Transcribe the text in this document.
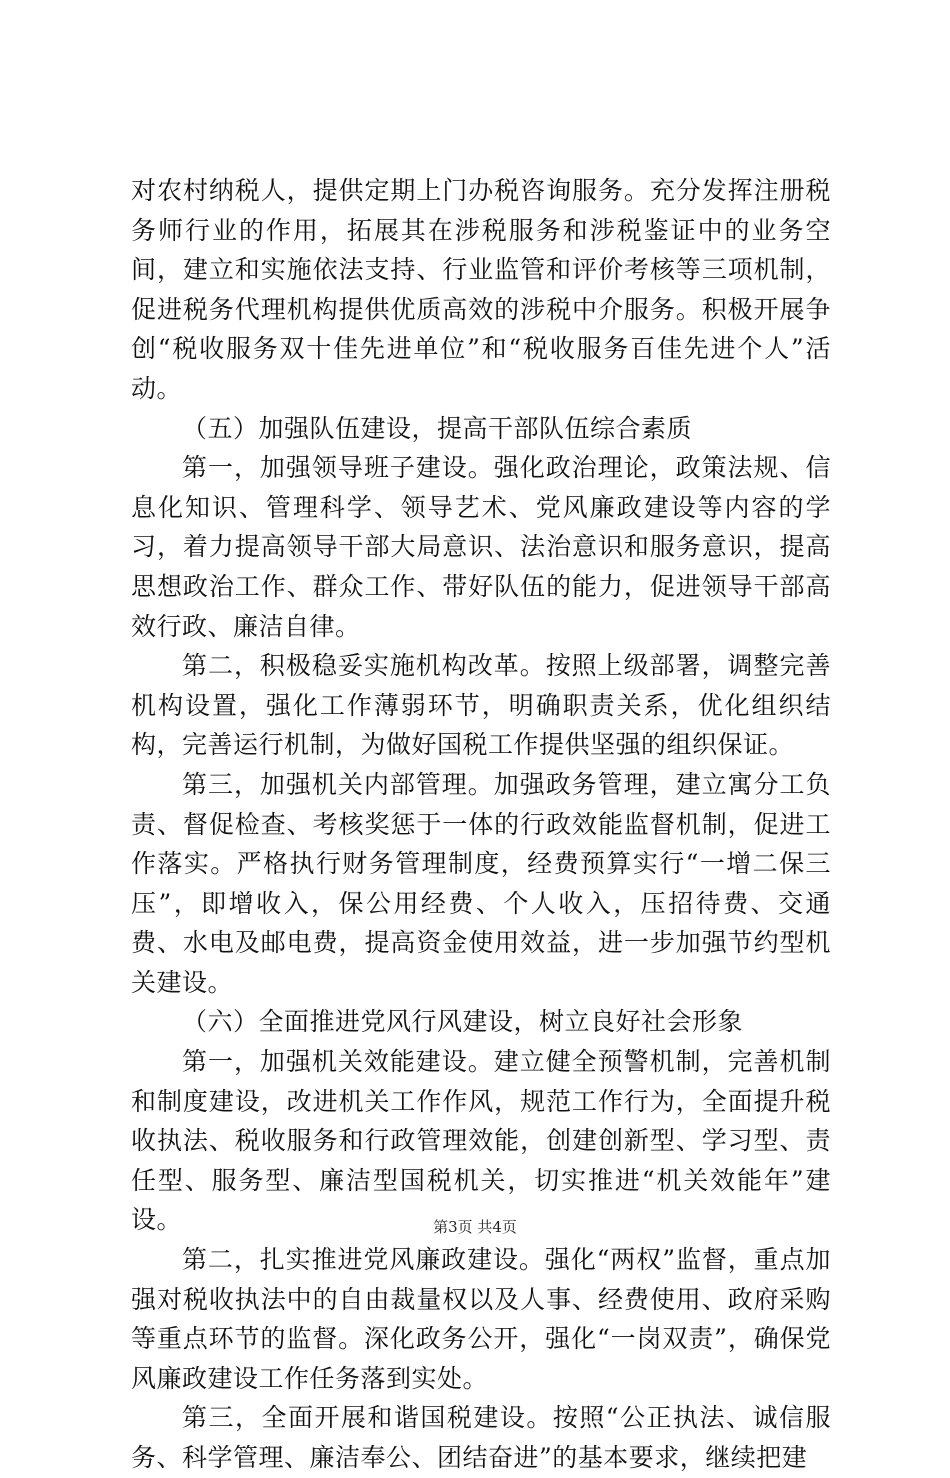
对农村纳税人，提供定期上门办税咨询服务。充分发挥注册税务师行业的作用，拓展其在涉税服务和涉税鉴证中的业务空间，建立和实施依法支持、行业监管和评价考核等三项机制，促进税务代理机构提供优质高效的涉税中介服务。积极开展争创“税收服务双十佳先进单位”和“税收服务百佳先进个人”活动。

（五）加强队伍建设，提高干部队伍综合素质

第一，加强领导班子建设。强化政治理论，政策法规、信息化知识、管理科学、领导艺术、党风廉政建设等内容的学习，着力提高领导干部大局意识、法治意识和服务意识，提高思想政治工作、群众工作、带好队伍的能力，促进领导干部高效行政、廉洁自律。

第二，积极稳妥实施机构改革。按照上级部署，调整完善机构设置，强化工作薄弱环节，明确职责关系，优化组织结构，完善运行机制，为做好国税工作提供坚强的组织保证。

第三，加强机关内部管理。加强政务管理，建立寓分工负责、督促检查、考核奖惩于一体的行政效能监督机制，促进工作落实。严格执行财务管理制度，经费预算实行“一增二保三压”，即增收入，保公用经费、个人收入，压招待费、交通费、水电及邮电费，提高资金使用效益，进一步加强节约型机关建设。

（六）全面推进党风行风建设，树立良好社会形象

第一，加强机关效能建设。建立健全预警机制，完善机制和制度建设，改进机关工作作风，规范工作行为，全面提升税收执法、税收服务和行政管理效能，创建创新型、学习型、责任型、服务型、廉洁型国税机关，切实推进“机关效能年”建设。

第二，扎实推进党风廉政建设。强化“两权”监督，重点加强对税收执法中的自由裁量权以及人事、经费使用、政府采购等重点环节的监督。深化政务公开，强化“一岗双责”，确保党风廉政建设工作任务落到实处。

第三，全面开展和谐国税建设。按照“公正执法、诚信服务、科学管理、廉洁奉公、团结奋进”的基本要求，继续把建

第3页 共4页
